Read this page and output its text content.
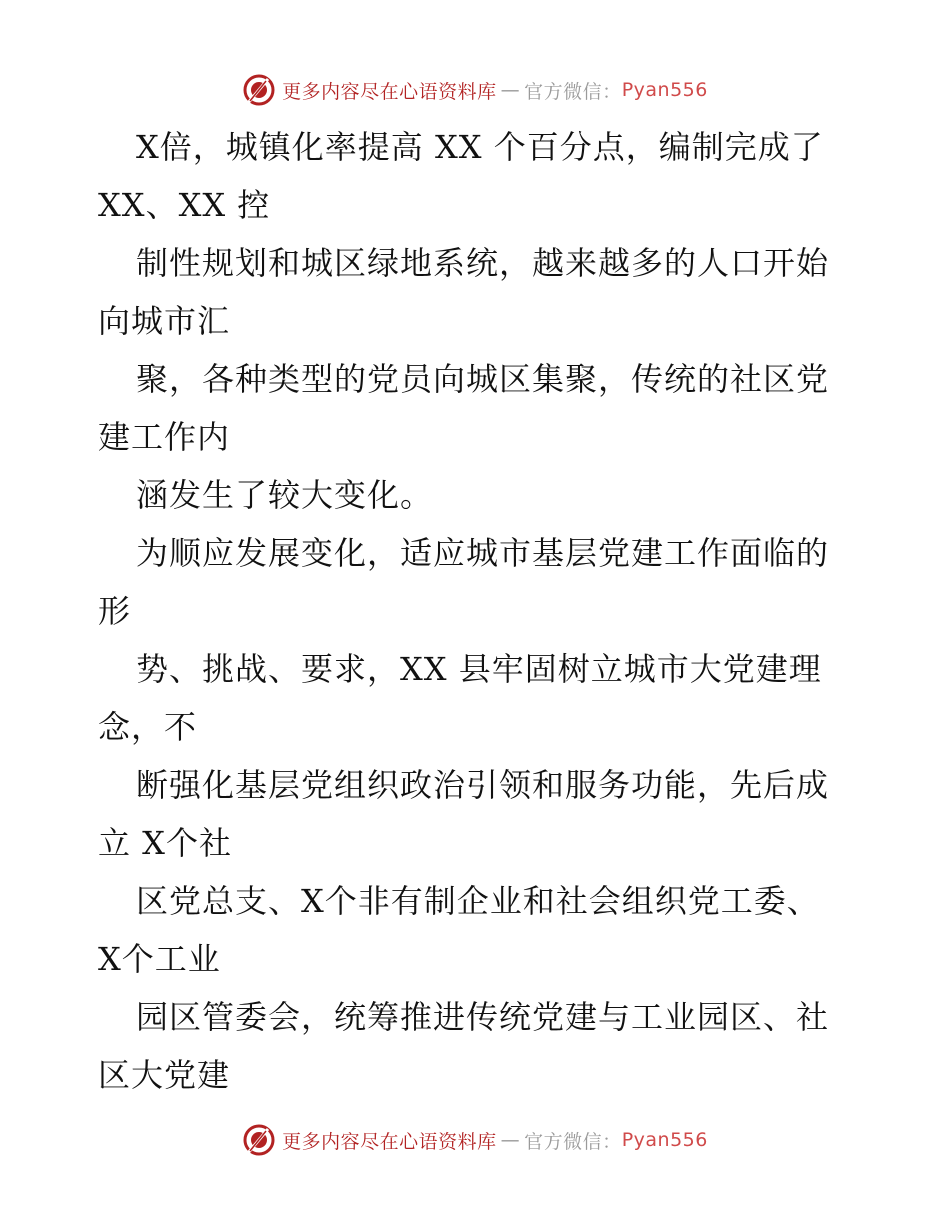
更多内容尽在心语资料库 — 官方微信： Pyan556
X倍，城镇化率提高 XX 个百分点，编制完成了
XX、XX 控
制性规划和城区绿地系统，越来越多的人口开始
向城市汇
聚，各种类型的党员向城区集聚，传统的社区党
建工作内
涵发生了较大变化。
为顺应发展变化，适应城市基层党建工作面临的
形
势、挑战、要求，XX 县牢固树立城市大党建理
念，不
断强化基层党组织政治引领和服务功能，先后成
立 X个社
区党总支、X个非有制企业和社会组织党工委、
X个工业
园区管委会，统筹推进传统党建与工业园区、社
区大党建
更多内容尽在心语资料库 — 官方微信： Pyan556
